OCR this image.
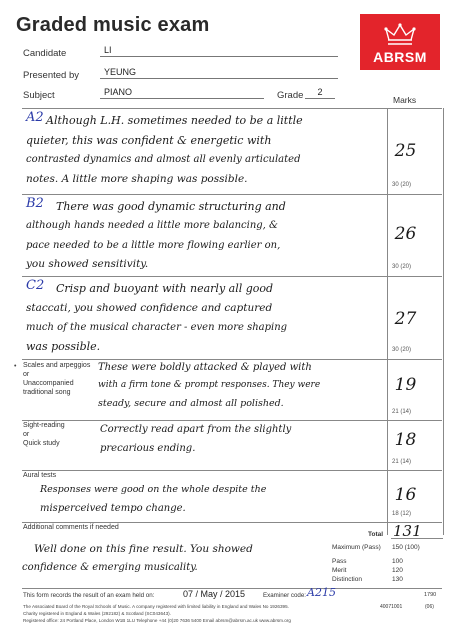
Graded music exam
ABRSM
Candidate	LI
Presented by	YEUNG
Subject	PIANO	Grade	2
Marks
A2 Although L.H. sometimes needed to be a little
quieter, this was confident & energetic with
contrasted dynamics and almost all evenly articulated
notes. A little more shaping was possible.
25
30 (20)
B2 There was good dynamic structuring and
although hands needed a little more balancing, &
pace needed to be a little more flowing earlier on,
you showed sensitivity.
26
30 (20)
C2 Crisp and buoyant with nearly all good
staccati, you showed confidence and captured
much of the musical character - even more shaping
was possible.
27
30 (20)
• Scales and arpeggios
or
Unaccompanied
traditional song
These were boldly attacked & played with
with a firm tone & prompt responses. They were
steady, secure and almost all polished.
19
21 (14)
Sight-reading
or
Quick study
Correctly read apart from the slightly
precarious ending.	18
21 (14)
Aural tests
Responses were good on the whole despite the
misperceived tempo change.
16
18 (12)
Additional comments if needed
Well done on this fine result. You showed
confidence & emerging musicality.
Total 131
Maximum (Pass) 150 (100)
Pass	100
Merit	120
Distinction	130
This form records the result of an exam held on:	07 / May / 2015	Examiner code: A215	1790
40071001	(06)
The Associated Board of the Royal Schools of Music. A company registered with limited liability in England and Wales No 1926395.
Charity registered in England & Wales (292182) & Scotland (SC043643).
Registered office: 24 Portland Place, London W1B 1LU Telephone +44 (0)20 7636 5400 Email abrsm@abrsm.ac.uk www.abrsm.org
